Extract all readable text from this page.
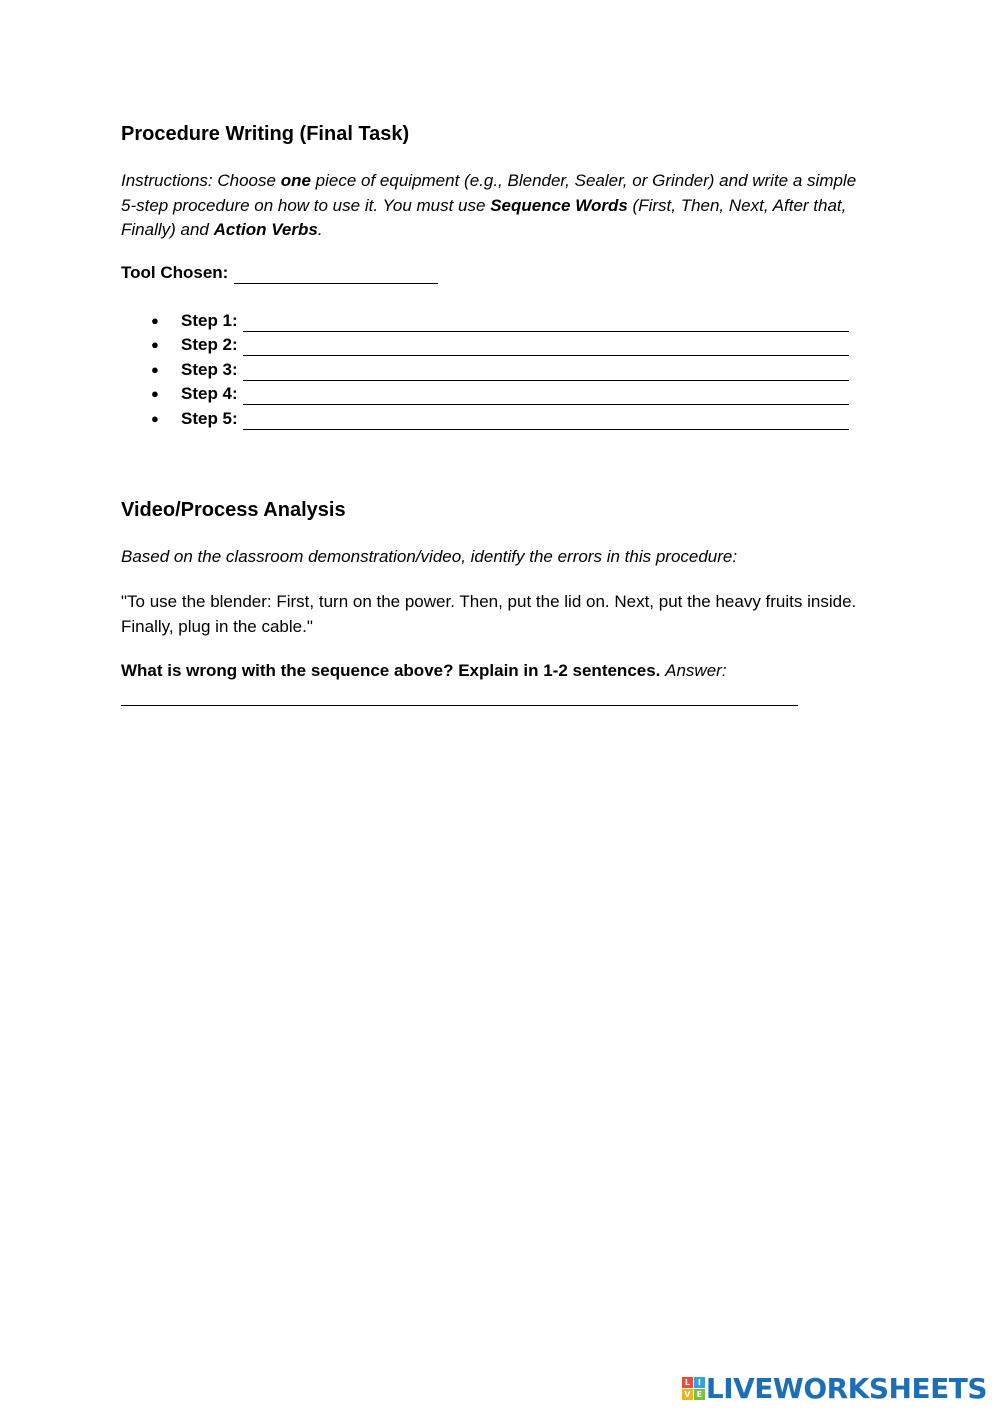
Procedure Writing (Final Task)

Instructions: Choose one piece of equipment (e.g., Blender, Sealer, or Grinder) and write a simple 5-step procedure on how to use it. You must use Sequence Words (First, Then, Next, After that, Finally) and Action Verbs.

Tool Chosen:
●	Step 1:
●	Step 2:
●	Step 3:
●	Step 4:
●	Step 5:
Video/Process Analysis

Based on the classroom demonstration/video, identify the errors in this procedure:

"To use the blender: First, turn on the power. Then, put the lid on. Next, put the heavy fruits inside. Finally, plug in the cable."

What is wrong with the sequence above? Explain in 1-2 sentences. Answer:

L I
V E LIVEWORKSHEETS
